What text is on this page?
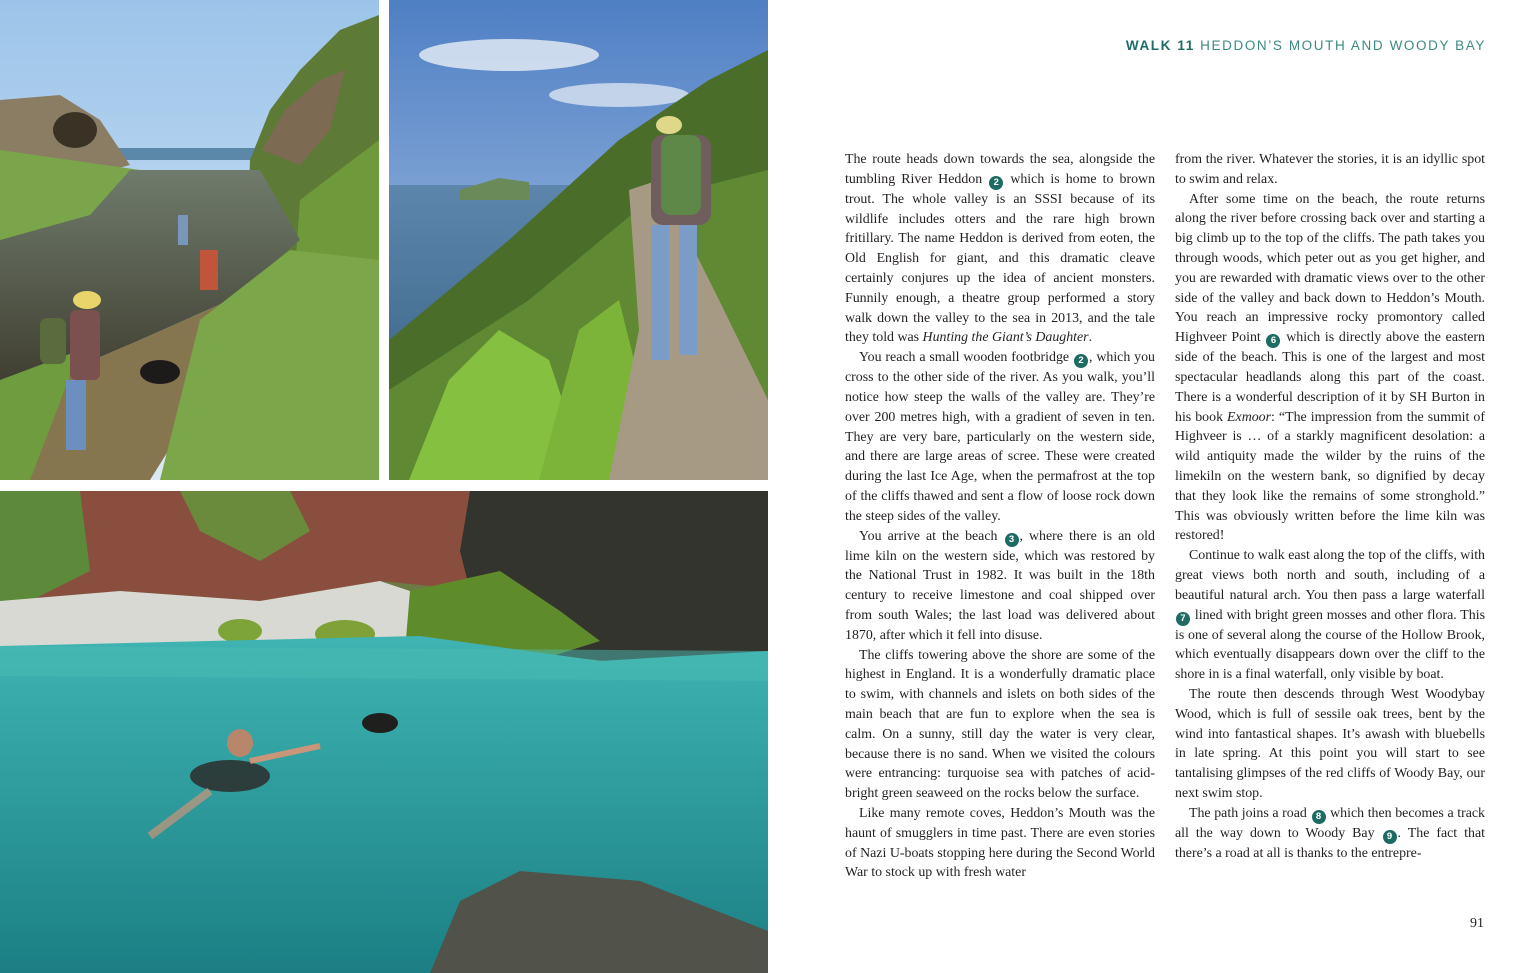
WALK 11 HEDDON’S MOUTH AND WOODY BAY

The route heads down towards the sea, alongside the tumbling River Heddon 2 which is home to brown trout. The whole valley is an SSSI because of its wildlife includes otters and the rare high brown fritillary. The name Heddon is derived from eoten, the Old English for giant, and this dramatic cleave certainly conjures up the idea of ancient monsters. Funnily enough, a theatre group performed a story walk down the valley to the sea in 2013, and the tale they told was Hunting the Giant’s Daughter.

You reach a small wooden footbridge 2 , which you cross to the other side of the river. As you walk, you’ll notice how steep the walls of the valley are. They’re over 200 metres high, with a gradient of seven in ten. They are very bare, particularly on the western side, and there are large areas of scree. These were created during the last Ice Age, when the permafrost at the top of the cliffs thawed and sent a flow of loose rock down the steep sides of the valley.

You arrive at the beach 3 , where there is an old lime kiln on the western side, which was restored by the National Trust in 1982. It was built in the 18th century to receive limestone and coal shipped over from south Wales; the last load was delivered about 1870, after which it fell into disuse.

The cliffs towering above the shore are some of the highest in England. It is a wonderfully dramatic place to swim, with channels and islets on both sides of the main beach that are fun to explore when the sea is calm. On a sunny, still day the water is very clear, because there is no sand. When we visited the colours were entrancing: turquoise sea with patches of acid-bright green seaweed on the rocks below the surface.

Like many remote coves, Heddon’s Mouth was the haunt of smugglers in time past. There are even stories of Nazi U-boats stopping here during the Second World War to stock up with fresh water

from the river. Whatever the stories, it is an idyllic spot to swim and relax.

After some time on the beach, the route returns along the river before crossing back over and starting a big climb up to the top of the cliffs. The path takes you through woods, which peter out as you get higher, and you are rewarded with dramatic views over to the other side of the valley and back down to Heddon’s Mouth. You reach an impressive rocky promontory called Highveer Point 6 which is directly above the eastern side of the beach. This is one of the largest and most spectacular headlands along this part of the coast. There is a wonderful description of it by SH Burton in his book Exmoor: “The impression from the summit of Highveer is … of a starkly magnificent desolation: a wild antiquity made the wilder by the ruins of the limekiln on the western bank, so dignified by decay that they look like the remains of some stronghold.” This was obviously written before the lime kiln was restored!

Continue to walk east along the top of the cliffs, with great views both north and south, including of a beautiful natural arch. You then pass a large waterfall 7 lined with bright green mosses and other flora. This is one of several along the course of the Hollow Brook, which eventually disappears down over the cliff to the shore in is a final waterfall, only visible by boat.

The route then descends through West Woodybay Wood, which is full of sessile oak trees, bent by the wind into fantastical shapes. It’s awash with bluebells in late spring. At this point you will start to see tantalising glimpses of the red cliffs of Woody Bay, our next swim stop.

The path joins a road 8 which then becomes a track all the way down to Woody Bay 9 . The fact that there’s a road at all is thanks to the entrepre-

91
